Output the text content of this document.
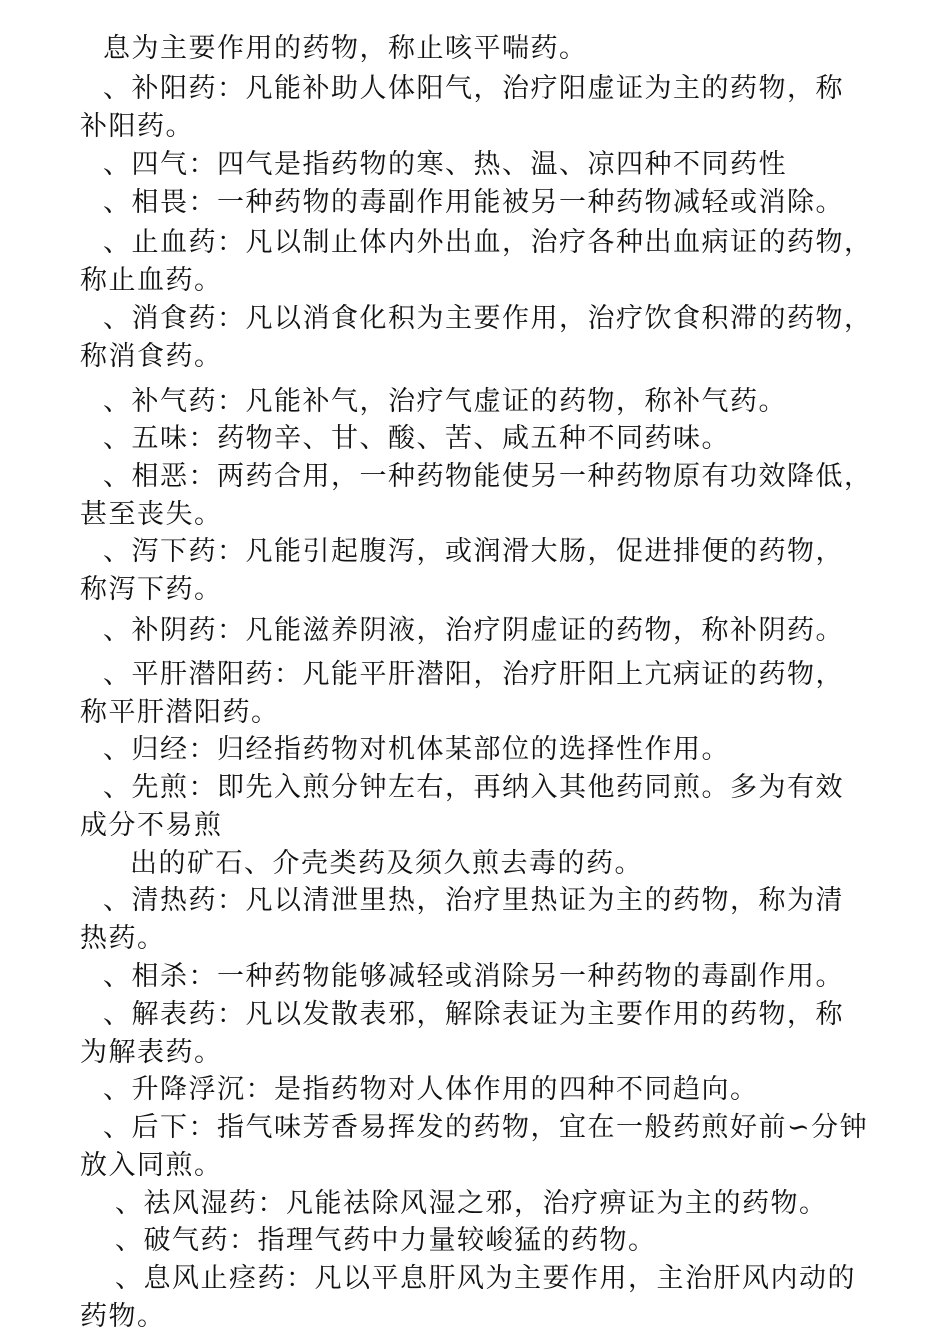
息为主要作用的药物，称止咳平喘药。
、补阳药：凡能补助人体阳气，治疗阳虚证为主的药物，称
补阳药。
、四气：四气是指药物的寒、热、温、凉四种不同药性
、相畏：一种药物的毒副作用能被另一种药物减轻或消除。
、止血药：凡以制止体内外出血，治疗各种出血病证的药物，
称止血药。
、消食药：凡以消食化积为主要作用，治疗饮食积滞的药物，
称消食药。
、补气药：凡能补气，治疗气虚证的药物，称补气药。
、五味：药物辛、甘、酸、苦、咸五种不同药味。
、相恶：两药合用，一种药物能使另一种药物原有功效降低，
甚至丧失。
、泻下药：凡能引起腹泻，或润滑大肠，促进排便的药物，
称泻下药。
、补阴药：凡能滋养阴液，治疗阴虚证的药物，称补阴药。
、平肝潜阳药：凡能平肝潜阳，治疗肝阳上亢病证的药物，
称平肝潜阳药。
、归经：归经指药物对机体某部位的选择性作用。
、先煎：即先入煎分钟左右，再纳入其他药同煎。多为有效
成分不易煎
出的矿石、介壳类药及须久煎去毒的药。
、清热药：凡以清泄里热，治疗里热证为主的药物，称为清
热药。
、相杀：一种药物能够减轻或消除另一种药物的毒副作用。
、解表药：凡以发散表邪，解除表证为主要作用的药物，称
为解表药。
、升降浮沉：是指药物对人体作用的四种不同趋向。
、后下：指气味芳香易挥发的药物，宜在一般药煎好前∽分钟
放入同煎。
、祛风湿药：凡能祛除风湿之邪，治疗痹证为主的药物。
、破气药：指理气药中力量较峻猛的药物。
、息风止痉药：凡以平息肝风为主要作用，主治肝风内动的
药物。
